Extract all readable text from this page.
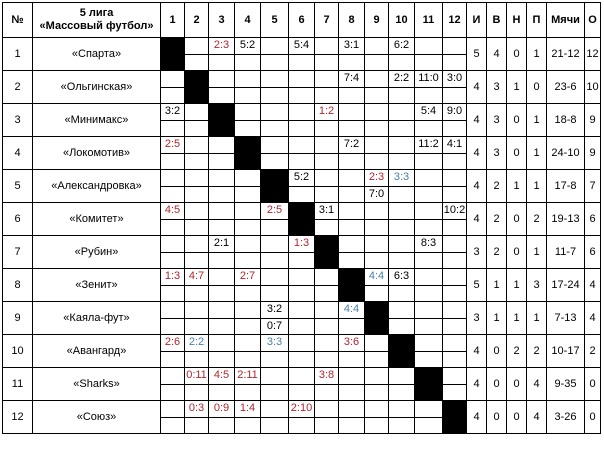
№	5 лига
«Массовый футбол»	1	2	3	4	5	6	7	8	9	10	11	12	И	В	Н	П	Мячи	О
1	«Спарта»			2:3	5:2		5:4		3:1		6:2			5	4	0	1	21-12	12

2	«Ольгинская»								7:4		2:2	11:0	3:0	4	3	1	0	23-6	10

3	«Минимакс»	3:2						1:2				5:4	9:0	4	3	0	1	18-8	9

4	«Локомотив»	2:5							7:2			11:2	4:1	4	3	0	1	24-10	9

5	«Александровка»						5:2			2:3	3:3			4	2	1	1	17-8	7
										7:0									
6	«Комитет»	4:5				2:5		3:1					10:2	4	2	0	2	19-13	6

7	«Рубин»			2:1			1:3					8:3		3	2	0	1	11-7	6

8	«Зенит»	1:3	4:7		2:7					4:4	6:3			5	1	1	3	17-24	4

9	«Каяла-фут»					3:2			4:4					3	1	1	1	7-13	4
						0:7													
10	«Авангард»	2:6	2:2			3:3			3:6					4	0	2	2	10-17	2

11	«Sharks»		0:11	4:5	2:11			3:8						4	0	0	4	9-35	0

12	«Союз»		0:3	0:9	1:4		2:10							4	0	0	4	3-26	0
